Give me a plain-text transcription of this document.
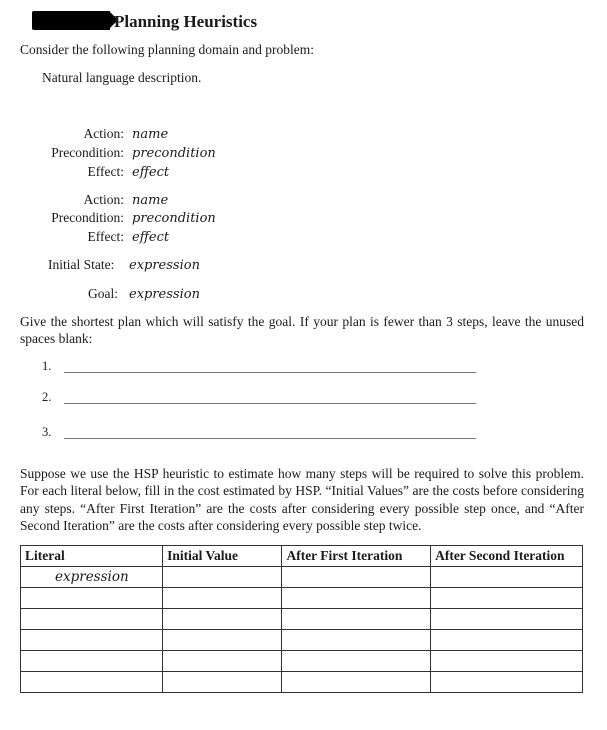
Planning Heuristics
Consider the following planning domain and problem:
Natural language description.
Action: name
Precondition: precondition
Effect: effect
Action: name
Precondition: precondition
Effect: effect
Initial State: expression
Goal: expression
Give the shortest plan which will satisfy the goal. If your plan is fewer than 3 steps, leave the unused spaces blank:
1.
2.
3.
Suppose we use the HSP heuristic to estimate how many steps will be required to solve this problem. For each literal below, fill in the cost estimated by HSP. “Initial Values” are the costs before considering any steps. “After First Iteration” are the costs after considering every possible step once, and “After Second Iteration” are the costs after considering every possible step twice.
Literal	Initial Value	After First Iteration	After Second Iteration
expression			
